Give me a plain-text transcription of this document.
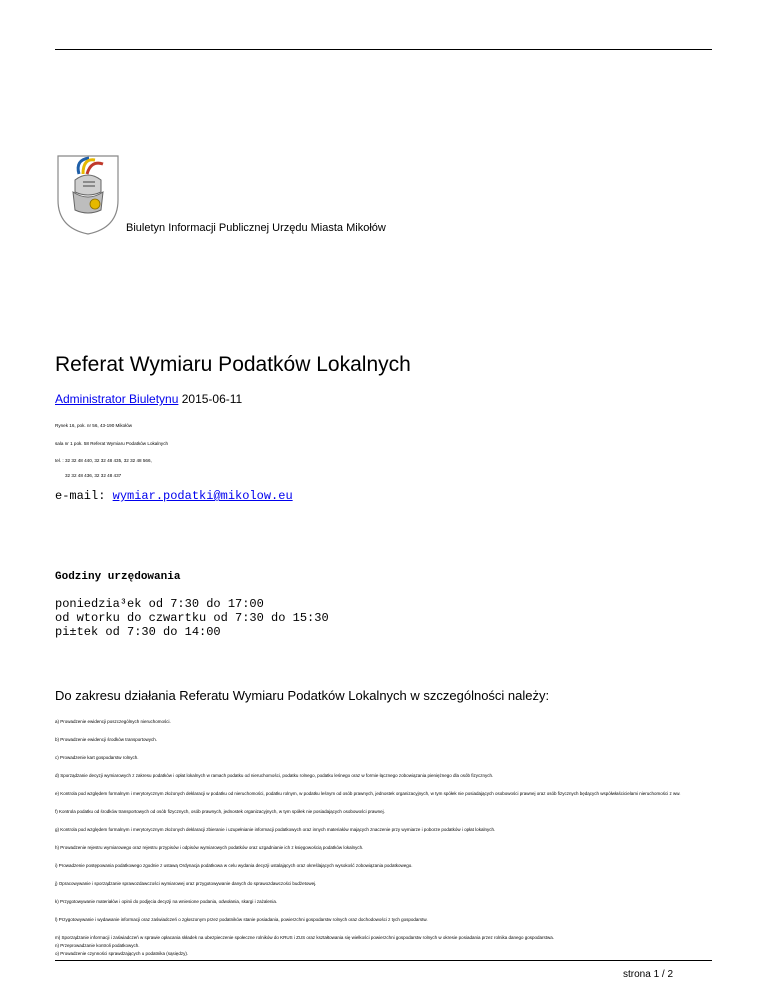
Biuletyn Informacji Publicznej Urzędu Miasta Mikołów
Referat Wymiaru Podatków Lokalnych
Administrator Biuletynu 2015-06-11
Rynek 16, pok. nr 56, 43-190 Mikołów
sala nr 1 pok. 58 Referat Wymiaru Podatków Lokalnych
tel. : 32 32 48 440, 32 32 48 435, 32 32 48 566,
32 32 48 436, 32 32 48 437
e-mail: wymiar.podatki@mikolow.eu
Godziny urzędowania
poniedzia³ek od 7:30 do 17:00
od wtorku do czwartku od 7:30 do 15:30
pi±tek od 7:30 do 14:00
Do zakresu działania Referatu Wymiaru Podatków Lokalnych w szczególności należy:
a) Prowadzenie ewidencji poszczególnych nieruchomości.
b) Prowadzenie ewidencji środków transportowych.
c) Prowadzenie kart gospodarstw rolnych.
d) Sporządzanie decyzji wymiarowych z zakresu podatków i opłat lokalnych w ramach podatku od nieruchomości, podatku rolnego, podatku leśnego oraz w formie łącznego zobowiązania pieniężnego dla osób fizycznych.
e) Kontrola pod względem formalnym i merytorycznym złożonych deklaracji w podatku od nieruchomości, podatku rolnym, w podatku leśnym od osób prawnych, jednostek organizacyjnych, w tym spółek nie posiadających osobowości prawnej oraz osób fizycznych będących współwłaścicielami nieruchomości z ww.
f) Kontrola podatku od środków transportowych od osób fizycznych, osób prawnych, jednostek organizacyjnych, w tym spółek nie posiadających osobowości prawnej.
g) Kontrola pod względem formalnym i merytorycznym złożonych deklaracji zbieranie i uzupełnianie informacji podatkowych oraz innych materiałów mających znaczenie przy wymiarze i poborze podatków i opłat lokalnych.
h) Prowadzenie rejestru wymiarowego oraz rejestru przypisów i odpisów wymiarowych podatków oraz uzgadnianie ich z księgowością podatków lokalnych.
i) Prowadzenie postępowania podatkowego zgodnie z ustawą Ordynacja podatkowa w celu wydania decyzji ustalających oraz określających wysokość zobowiązania podatkowego.
j) Opracowywanie i sporządzanie sprawozdawczości wymiarowej oraz przygotowywanie danych do sprawozdawczości budżetowej.
k) Przygotowywanie materiałów i opinii do podjęcia decyzji na wniesione podania, odwołania, skargi i zażalenia.
l) Przygotowywanie i wydawanie informacji oraz zaświadczeń o zgłoszonym przez podatników stanie posiadania, powierzchni gospodarstw rolnych oraz dochodowości z tych gospodarstw.
m) Sporządzanie informacji i zaświadczeń w sprawie opłacania składek na ubezpieczenie społeczne rolników do KRUS i ZUS oraz kształtowania się wielkości powierzchni gospodarstw rolnych w okresie posiadania przez rolnika danego gospodarstwa.
n) Przeprowadzanie kontroli podatkowych.
o) Prowadzenie czynności sprawdzających u podatnika (sąsiędzy).
strona 1 / 2
